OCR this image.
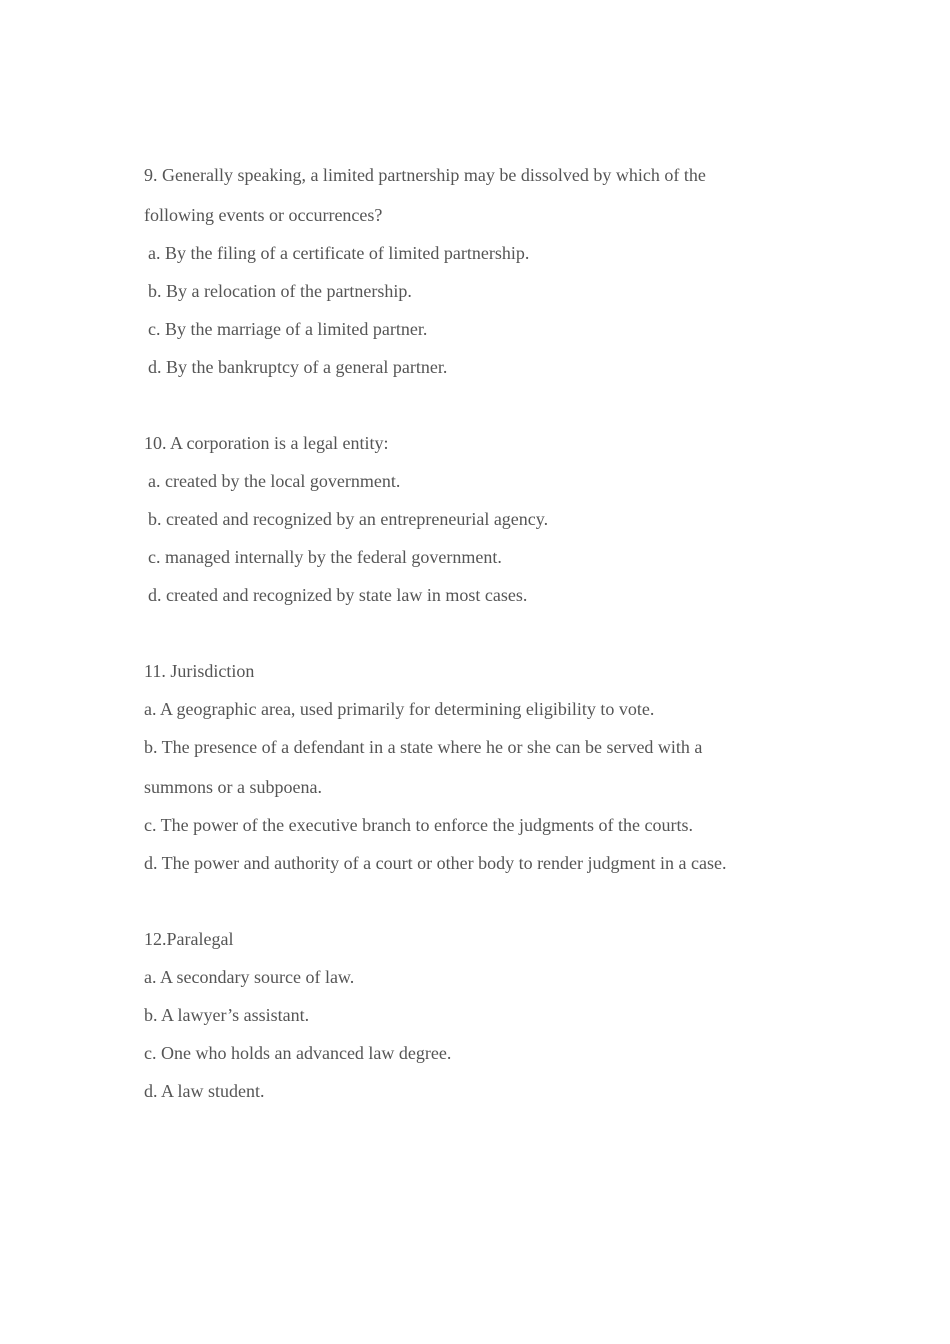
9. Generally speaking, a limited partnership may be dissolved by which of the
following events or occurrences?
a. By the filing of a certificate of limited partnership.
b. By a relocation of the partnership.
c. By the marriage of a limited partner.
d. By the bankruptcy of a general partner.
10. A corporation is a legal entity:
a. created by the local government.
b. created and recognized by an entrepreneurial agency.
c. managed internally by the federal government.
d. created and recognized by state law in most cases.
11. Jurisdiction
a. A geographic area, used primarily for determining eligibility to vote.
b. The presence of a defendant in a state where he or she can be served with a
summons or a subpoena.
c. The power of the executive branch to enforce the judgments of the courts.
d. The power and authority of a court or other body to render judgment in a case.
12.Paralegal
a. A secondary source of law.
b. A lawyer’s assistant.
c. One who holds an advanced law degree.
d. A law student.
